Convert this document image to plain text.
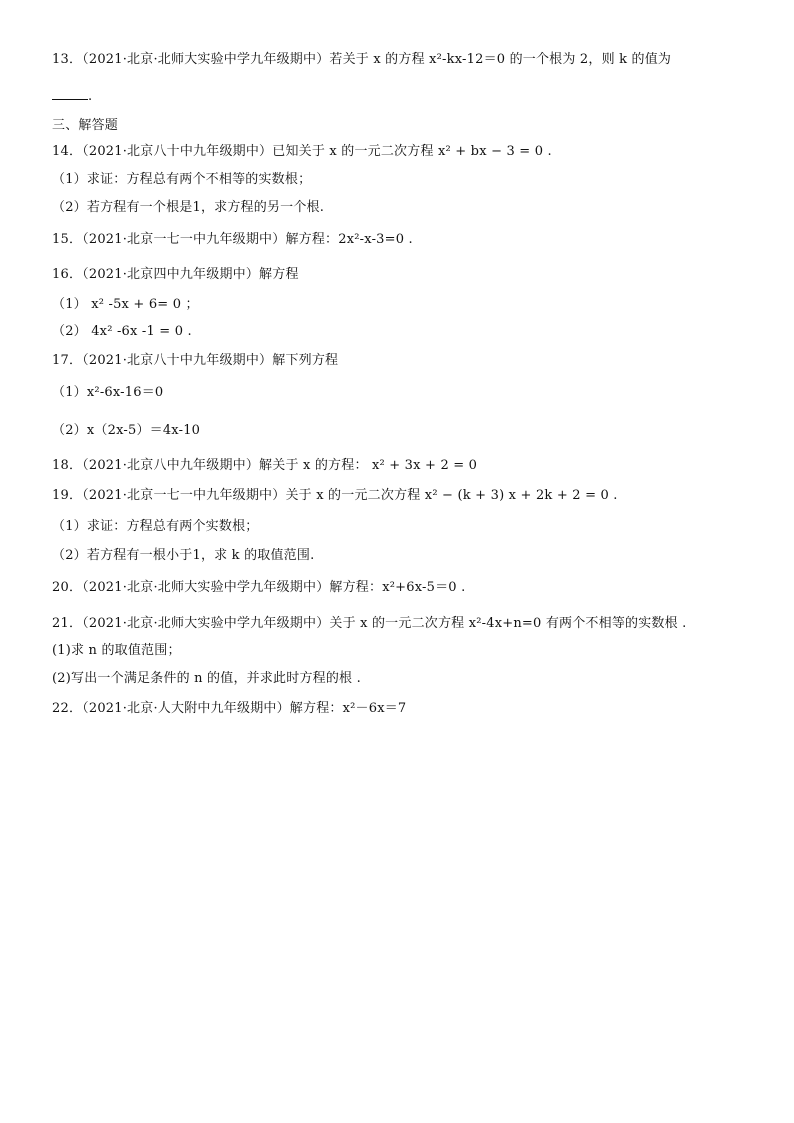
13．（2021·北京·北师大实验中学九年级期中）若关于 x 的方程 x²-kx-12＝0 的一个根为 2，则 k 的值为
.
三、解答题
14．（2021·北京八十中九年级期中）已知关于 x 的一元二次方程 x² + bx − 3 = 0 .
（1）求证：方程总有两个不相等的实数根；
（2）若方程有一个根是1，求方程的另一个根.
15．（2021·北京一七一中九年级期中）解方程：2x²-x-3=0 .
16．（2021·北京四中九年级期中）解方程
（1） x² -5x + 6= 0 ；
（2） 4x² -6x -1 = 0 .
17．（2021·北京八十中九年级期中）解下列方程
（1）x²-6x-16＝0
（2）x（2x-5）＝4x-10
18．（2021·北京八中九年级期中）解关于 x 的方程： x² + 3x + 2 = 0
19．（2021·北京一七一中九年级期中）关于 x 的一元二次方程 x² − (k + 3) x + 2k + 2 = 0 .
（1）求证：方程总有两个实数根；
（2）若方程有一根小于1，求 k 的取值范围.
20．（2021·北京·北师大实验中学九年级期中）解方程：x²+6x-5＝0 .
21．（2021·北京·北师大实验中学九年级期中）关于 x 的一元二次方程 x²-4x+n=0 有两个不相等的实数根 .
(1)求 n 的取值范围；
(2)写出一个满足条件的 n 的值，并求此时方程的根 .
22．（2021·北京·人大附中九年级期中）解方程：x²－6x＝7
